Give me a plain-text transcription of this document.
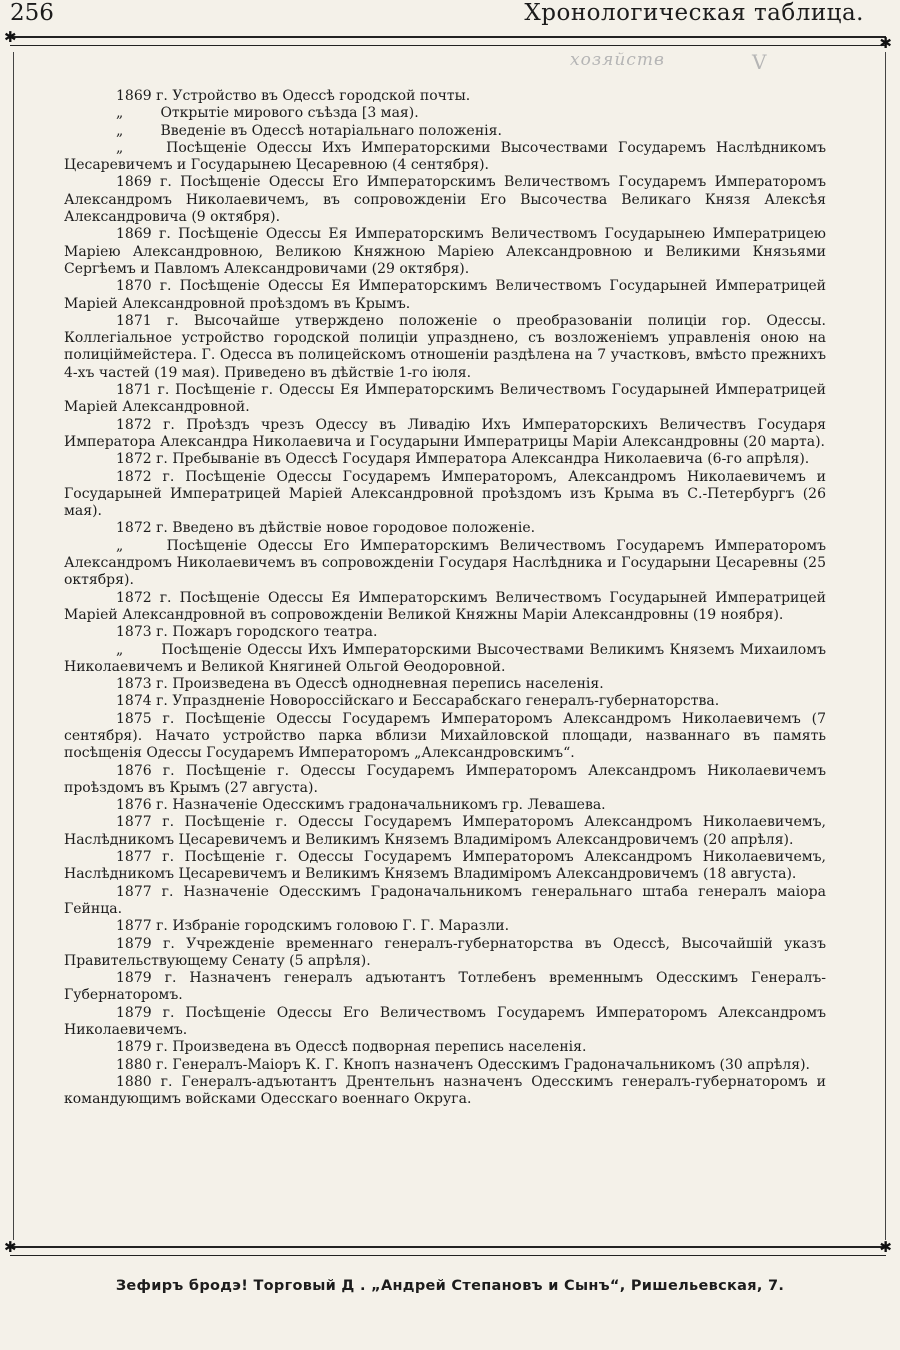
256	Хронологическая таблица.
✱	✱
хозяйств	V

1869 г. Устройство въ Одессѣ городской почты.

„ Открытіе мирового съѣзда [3 мая).

„ Введеніе въ Одессѣ нотаріальнаго положенія.

„ Посѣщеніе Одессы Ихъ Императорскими Высочествами Государемъ Наслѣдникомъ Цесаревичемъ и Государынею Цесаревною (4 сентября).

1869 г. Посѣщеніе Одессы Его Императорскимъ Величествомъ Государемъ Императоромъ Александромъ Николаевичемъ, въ сопровожденіи Его Высочества Великаго Князя Алексѣя Александровича (9 октября).

1869 г. Посѣщеніе Одессы Ея Императорскимъ Величествомъ Государынею Императрицею Маріею Александровною, Великою Княжною Маріею Александровною и Великими Князьями Сергѣемъ и Павломъ Александровичами (29 октября).

1870 г. Посѣщеніе Одессы Ея Императорскимъ Величествомъ Государыней Императрицей Маріей Александровной проѣздомъ въ Крымъ.

1871 г. Высочайше утверждено положеніе о преобразованіи полиціи гор. Одессы. Коллегіальное устройство городской полиціи упразднено, съ возложеніемъ управленія оною на полиціймейстера. Г. Одесса въ полицейскомъ отношеніи раздѣлена на 7 участковъ, вмѣсто прежнихъ 4-хъ частей (19 мая). Приведено въ дѣйствіе 1-го іюля.

1871 г. Посѣщеніе г. Одессы Ея Императорскимъ Величествомъ Государыней Императрицей Маріей Александровной.

1872 г. Проѣздъ чрезъ Одессу въ Ливадію Ихъ Императорскихъ Величествъ Государя Императора Александра Николаевича и Государыни Императрицы Маріи Александровны (20 марта).

1872 г. Пребываніе въ Одессѣ Государя Императора Александра Николаевича (6-го апрѣля).

1872 г. Посѣщеніе Одессы Государемъ Императоромъ, Александромъ Николаевичемъ и Государыней Императрицей Маріей Александровной проѣздомъ изъ Крыма въ С.-Петербургъ (26 мая).

1872 г. Введено въ дѣйствіе новое городовое положеніе.

„ Посѣщеніе Одессы Его Императорскимъ Величествомъ Государемъ Императоромъ Александромъ Николаевичемъ въ сопровожденіи Государя Наслѣдника и Государыни Цесаревны (25 октября).

1872 г. Посѣщеніе Одессы Ея Императорскимъ Величествомъ Государыней Императрицей Маріей Александровной въ сопровожденіи Великой Княжны Маріи Александровны (19 ноября).

1873 г. Пожаръ городского театра.

„ Посѣщеніе Одессы Ихъ Императорскими Высочествами Великимъ Княземъ Михаиломъ Николаевичемъ и Великой Княгиней Ольгой Ѳеодоровной.

1873 г. Произведена въ Одессѣ однодневная перепись населенія.

1874 г. Упраздненіе Новороссійскаго и Бессарабскаго генералъ-губернаторства.

1875 г. Посѣщеніе Одессы Государемъ Императоромъ Александромъ Николаевичемъ (7 сентября). Начато устройство парка вблизи Михайловской площади, названнаго въ память посѣщенія Одессы Государемъ Императоромъ „Александровскимъ“.

1876 г. Посѣщеніе г. Одессы Государемъ Императоромъ Александромъ Николаевичемъ проѣздомъ въ Крымъ (27 августа).

1876 г. Назначеніе Одесскимъ градоначальникомъ гр. Левашева.

1877 г. Посѣщеніе г. Одессы Государемъ Императоромъ Александромъ Николаевичемъ, Наслѣдникомъ Цесаревичемъ и Великимъ Княземъ Владиміромъ Александровичемъ (20 апрѣля).

1877 г. Посѣщеніе г. Одессы Государемъ Императоромъ Александромъ Николаевичемъ, Наслѣдникомъ Цесаревичемъ и Великимъ Княземъ Владиміромъ Александровичемъ (18 августа).

1877 г. Назначеніе Одесскимъ Градоначальникомъ генеральнаго штаба генералъ маіора Гейнца.

1877 г. Избраніе городскимъ головою Г. Г. Маразли.

1879 г. Учрежденіе временнаго генералъ-губернаторства въ Одессѣ, Высочайшій указъ Правительствующему Сенату (5 апрѣля).

1879 г. Назначенъ генералъ адъютантъ Тотлебенъ временнымъ Одесскимъ Генералъ-Губернаторомъ.

1879 г. Посѣщеніе Одессы Его Величествомъ Государемъ Императоромъ Александромъ Николаевичемъ.

1879 г. Произведена въ Одессѣ подворная перепись населенія.

1880 г. Генералъ-Маіоръ К. Г. Кнопъ назначенъ Одесскимъ Градоначальникомъ (30 апрѣля).

1880 г. Генералъ-адъютантъ Дрентельнъ назначенъ Одесскимъ генералъ-губернаторомъ и командующимъ войсками Одесскаго военнаго Округа.

✱	✱
Зефиръ бродэ! Торговый Д . „Андрей Степановъ и Сынъ“, Ришельевская, 7.
